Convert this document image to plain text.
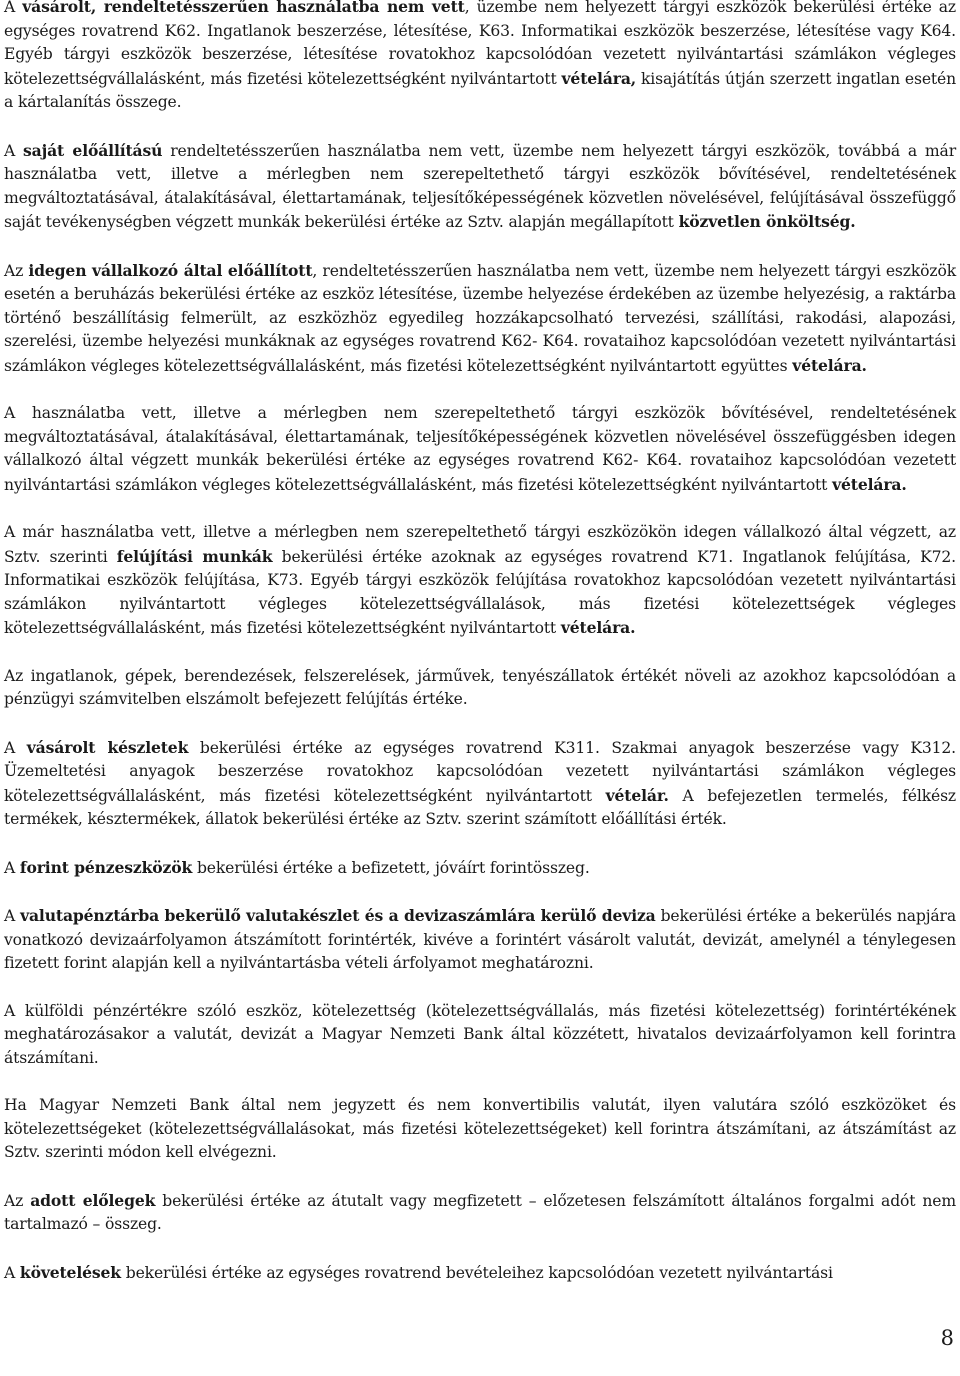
A vásárolt, rendeltetésszerűen használatba nem vett, üzembe nem helyezett tárgyi eszközök bekerülési értéke az egységes rovatrend K62. Ingatlanok beszerzése, létesítése, K63. Informatikai eszközök beszerzése, létesítése vagy K64. Egyéb tárgyi eszközök beszerzése, létesítése rovatokhoz kapcsolódóan vezetett nyilvántartási számlákon végleges kötelezettségvállalásként, más fizetési kötelezettségként nyilvántartott vételára, kisajátítás útján szerzett ingatlan esetén a kártalanítás összege.

A saját előállítású rendeltetésszerűen használatba nem vett, üzembe nem helyezett tárgyi eszközök, továbbá a már használatba vett, illetve a mérlegben nem szerepeltethető tárgyi eszközök bővítésével, rendeltetésének megváltoztatásával, átalakításával, élettartamának, teljesítőképességének közvetlen növelésével, felújításával összefüggő saját tevékenységben végzett munkák bekerülési értéke az Sztv. alapján megállapított közvetlen önköltség.

Az idegen vállalkozó által előállított, rendeltetésszerűen használatba nem vett, üzembe nem helyezett tárgyi eszközök esetén a beruházás bekerülési értéke az eszköz létesítése, üzembe helyezése érdekében az üzembe helyezésig, a raktárba történő beszállításig felmerült, az eszközhöz egyedileg hozzákapcsolható tervezési, szállítási, rakodási, alapozási, szerelési, üzembe helyezési munkáknak az egységes rovatrend K62- K64. rovataihoz kapcsolódóan vezetett nyilvántartási számlákon végleges kötelezettségvállalásként, más fizetési kötelezettségként nyilvántartott együttes vételára.

A használatba vett, illetve a mérlegben nem szerepeltethető tárgyi eszközök bővítésével, rendeltetésének megváltoztatásával, átalakításával, élettartamának, teljesítőképességének közvetlen növelésével összefüggésben idegen vállalkozó által végzett munkák bekerülési értéke az egységes rovatrend K62- K64. rovataihoz kapcsolódóan vezetett nyilvántartási számlákon végleges kötelezettségvállalásként, más fizetési kötelezettségként nyilvántartott vételára.

A már használatba vett, illetve a mérlegben nem szerepeltethető tárgyi eszközökön idegen vállalkozó által végzett, az Sztv. szerinti felújítási munkák bekerülési értéke azoknak az egységes rovatrend K71. Ingatlanok felújítása, K72. Informatikai eszközök felújítása, K73. Egyéb tárgyi eszközök felújítása rovatokhoz kapcsolódóan vezetett nyilvántartási számlákon nyilvántartott végleges kötelezettségvállalások, más fizetési kötelezettségek végleges kötelezettségvállalásként, más fizetési kötelezettségként nyilvántartott vételára.

Az ingatlanok, gépek, berendezések, felszerelések, járművek, tenyészállatok értékét növeli az azokhoz kapcsolódóan a pénzügyi számvitelben elszámolt befejezett felújítás értéke.

A vásárolt készletek bekerülési értéke az egységes rovatrend K311. Szakmai anyagok beszerzése vagy K312. Üzemeltetési anyagok beszerzése rovatokhoz kapcsolódóan vezetett nyilvántartási számlákon végleges kötelezettségvállalásként, más fizetési kötelezettségként nyilvántartott vételár. A befejezetlen termelés, félkész termékek, késztermékek, állatok bekerülési értéke az Sztv. szerint számított előállítási érték.

A forint pénzeszközök bekerülési értéke a befizetett, jóváírt forintösszeg.

A valutapénztárba bekerülő valutakészlet és a devizaszámlára kerülő deviza bekerülési értéke a bekerülés napjára vonatkozó devizaárfolyamon átszámított forintérték, kivéve a forintért vásárolt valutát, devizát, amelynél a ténylegesen fizetett forint alapján kell a nyilvántartásba vételi árfolyamot meghatározni.

A külföldi pénzértékre szóló eszköz, kötelezettség (kötelezettségvállalás, más fizetési kötelezettség) forintértékének meghatározásakor a valutát, devizát a Magyar Nemzeti Bank által közzétett, hivatalos devizaárfolyamon kell forintra átszámítani.

Ha Magyar Nemzeti Bank által nem jegyzett és nem konvertibilis valutát, ilyen valutára szóló eszközöket és kötelezettségeket (kötelezettségvállalásokat, más fizetési kötelezettségeket) kell forintra átszámítani, az átszámítást az Sztv. szerinti módon kell elvégezni.

Az adott előlegek bekerülési értéke az átutalt vagy megfizetett – előzetesen felszámított általános forgalmi adót nem tartalmazó – összeg.

A követelések bekerülési értéke az egységes rovatrend bevételeihez kapcsolódóan vezetett nyilvántartási

8
